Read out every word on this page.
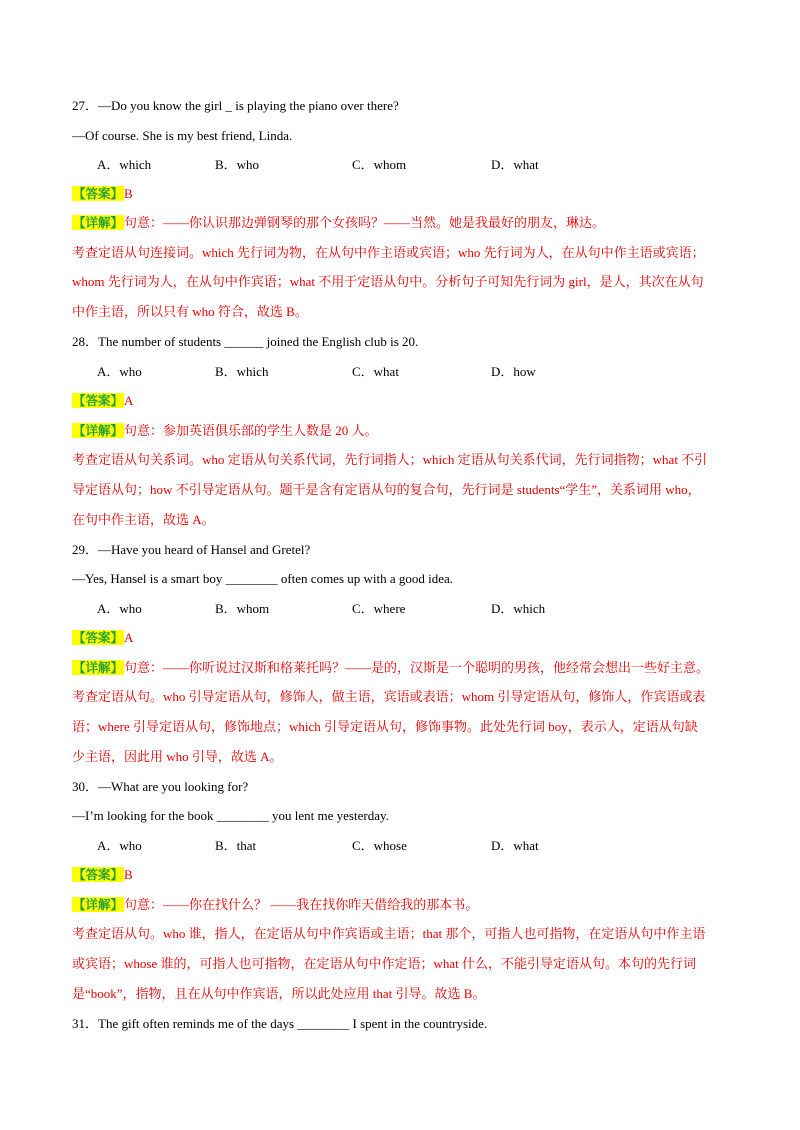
27．—Do you know the girl _ is playing the piano over there?
—Of course. She is my best friend, Linda.
A．which	B．who	C．whom	D．what
【答案】B
【详解】句意：——你认识那边弹钢琴的那个女孩吗？——当然。她是我最好的朋友，琳达。
考查定语从句连接词。which 先行词为物，在从句中作主语或宾语；who 先行词为人，在从句中作主语或宾语；
whom 先行词为人，在从句中作宾语；what 不用于定语从句中。分析句子可知先行词为 girl，是人，其次在从句
中作主语，所以只有 who 符合，故选 B。
28．The number of students ______ joined the English club is 20.
A．who	B．which	C．what	D．how
【答案】A
【详解】句意：参加英语俱乐部的学生人数是 20 人。
考查定语从句关系词。who 定语从句关系代词，先行词指人；which 定语从句关系代词，先行词指物；what 不引
导定语从句；how 不引导定语从句。题干是含有定语从句的复合句，先行词是 students“学生”，关系词用 who，
在句中作主语，故选 A。
29．—Have you heard of Hansel and Gretel?
—Yes, Hansel is a smart boy ________ often comes up with a good idea.
A．who	B．whom	C．where	D．which
【答案】A
【详解】句意：——你听说过汉斯和格莱托吗？——是的，汉斯是一个聪明的男孩，他经常会想出一些好主意。
考查定语从句。who 引导定语从句，修饰人，做主语，宾语或表语；whom 引导定语从句，修饰人，作宾语或表
语；where 引导定语从句，修饰地点；which 引导定语从句，修饰事物。此处先行词 boy，表示人，定语从句缺
少主语，因此用 who 引导，故选 A。
30．—What are you looking for?
—I’m looking for the book ________ you lent me yesterday.
A．who	B．that	C．whose	D．what
【答案】B
【详解】句意：——你在找什么？ ——我在找你昨天借给我的那本书。
考查定语从句。who 谁，指人，在定语从句中作宾语或主语；that 那个，可指人也可指物，在定语从句中作主语
或宾语；whose 谁的，可指人也可指物，在定语从句中作定语；what 什么，不能引导定语从句。本句的先行词
是“book”，指物，且在从句中作宾语，所以此处应用 that 引导。故选 B。
31．The gift often reminds me of the days ________ I spent in the countryside.
